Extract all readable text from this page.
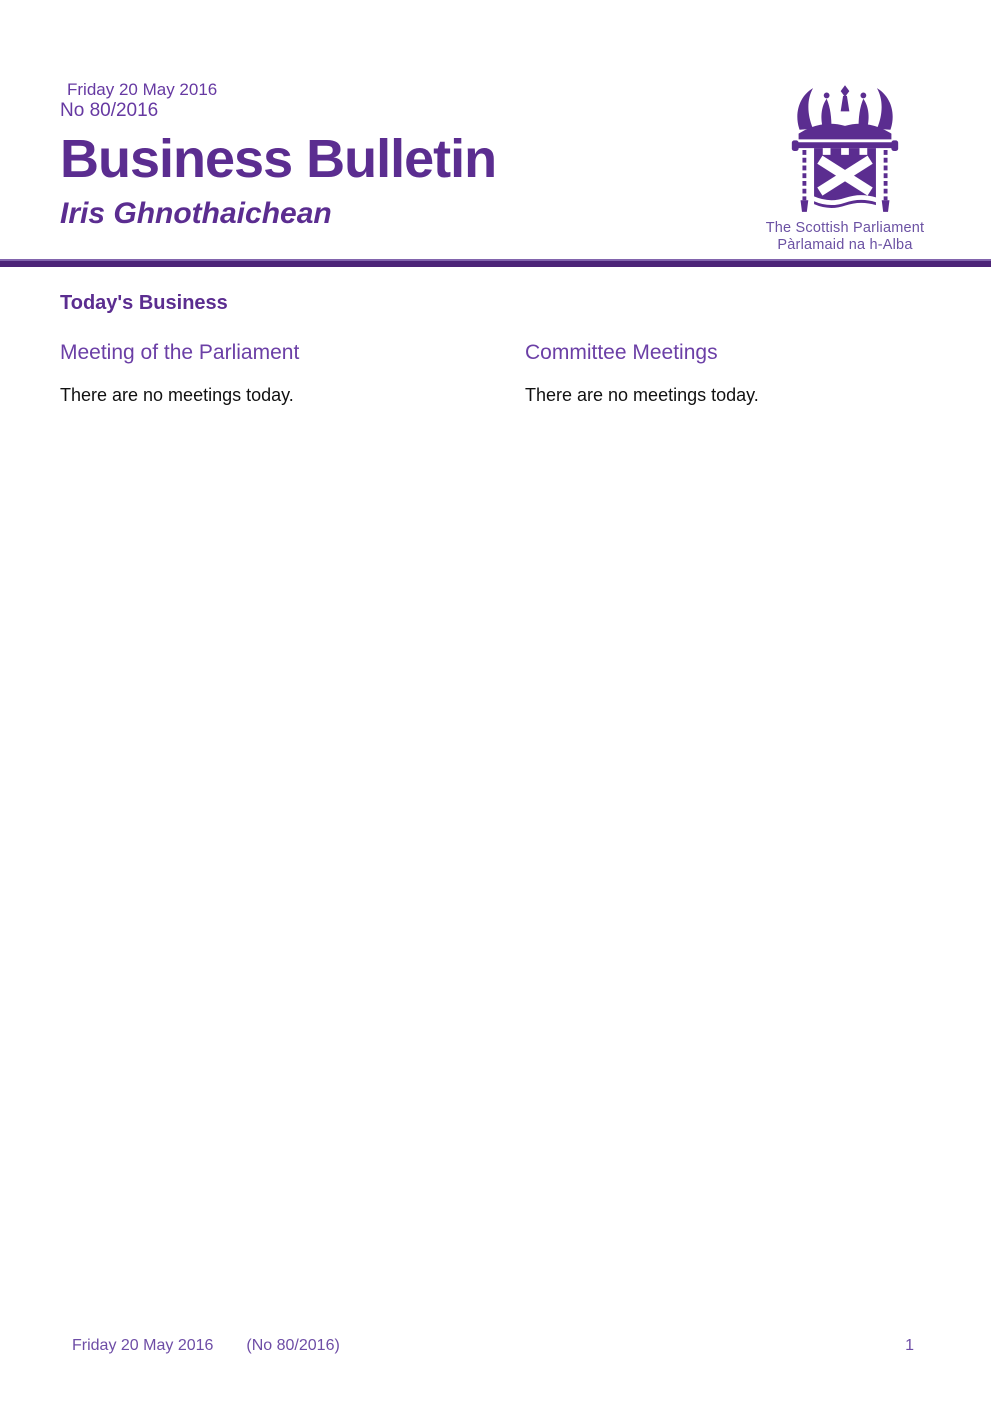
Friday 20 May 2016
No 80/2016
Business Bulletin
Iris Ghnothaichean	The Scottish Parliament
Pàrlamaid na h-Alba
Today's Business
Meeting of the Parliament

There are no meetings today.

Committee Meetings

There are no meetings today.

Friday 20 May 2016 (No 80/2016)	1
